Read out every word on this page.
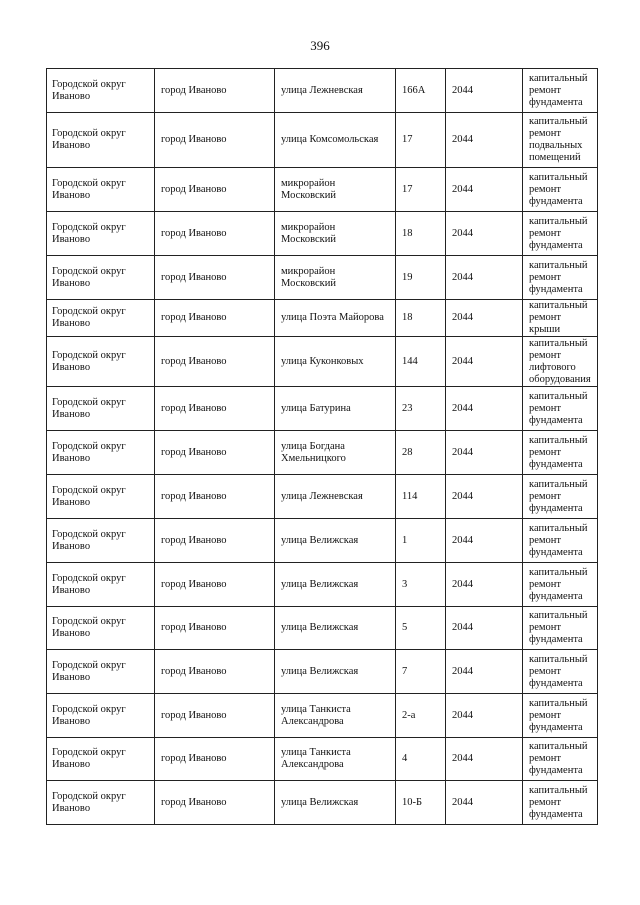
396
Городской округ Иваново	город Иваново	улица Лежневская	166А	2044	капитальный ремонт фундамента
Городской округ Иваново	город Иваново	улица Комсомольская	17	2044	капитальный ремонт подвальных помещений
Городской округ Иваново	город Иваново	микрорайон Московский	17	2044	капитальный ремонт фундамента
Городской округ Иваново	город Иваново	микрорайон Московский	18	2044	капитальный ремонт фундамента
Городской округ Иваново	город Иваново	микрорайон Московский	19	2044	капитальный ремонт фундамента
Городской округ Иваново	город Иваново	улица Поэта Майорова	18	2044	капитальный ремонт крыши
Городской округ Иваново	город Иваново	улица Куконковых	144	2044	капитальный ремонт лифтового оборудования
Городской округ Иваново	город Иваново	улица Батурина	23	2044	капитальный ремонт фундамента
Городской округ Иваново	город Иваново	улица Богдана Хмельницкого	28	2044	капитальный ремонт фундамента
Городской округ Иваново	город Иваново	улица Лежневская	114	2044	капитальный ремонт фундамента
Городской округ Иваново	город Иваново	улица Велижская	1	2044	капитальный ремонт фундамента
Городской округ Иваново	город Иваново	улица Велижская	3	2044	капитальный ремонт фундамента
Городской округ Иваново	город Иваново	улица Велижская	5	2044	капитальный ремонт фундамента
Городской округ Иваново	город Иваново	улица Велижская	7	2044	капитальный ремонт фундамента
Городской округ Иваново	город Иваново	улица Танкиста Александрова	2-а	2044	капитальный ремонт фундамента
Городской округ Иваново	город Иваново	улица Танкиста Александрова	4	2044	капитальный ремонт фундамента
Городской округ Иваново	город Иваново	улица Велижская	10-Б	2044	капитальный ремонт фундамента
